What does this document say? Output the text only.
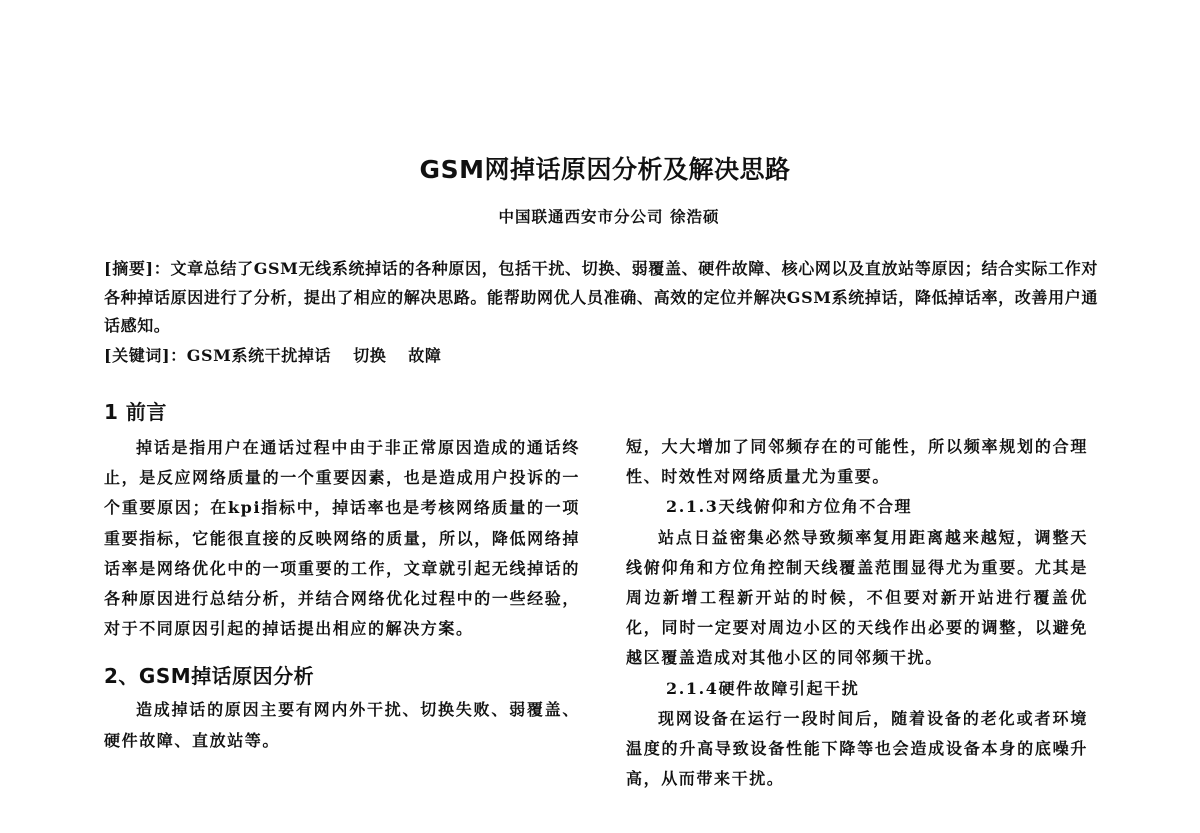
GSM网掉话原因分析及解决思路
中国联通西安市分公司 徐浩硕
[摘要]：文章总结了GSM无线系统掉话的各种原因，包括干扰、切换、弱覆盖、硬件故障、核心网以及直放站等原因；结合实际工作对各种掉话原因进行了分析，提出了相应的解决思路。能帮助网优人员准确、高效的定位并解决GSM系统掉话，降低掉话率，改善用户通话感知。
[关键词]：GSM系统干扰掉话 切换 故障
1 前言

掉话是指用户在通话过程中由于非正常原因造成的通话终止，是反应网络质量的一个重要因素，也是造成用户投诉的一个重要原因；在kpi指标中，掉话率也是考核网络质量的一项重要指标，它能很直接的反映网络的质量，所以，降低网络掉话率是网络优化中的一项重要的工作，文章就引起无线掉话的各种原因进行总结分析，并结合网络优化过程中的一些经验，对于不同原因引起的掉话提出相应的解决方案。

2、GSM掉话原因分析

造成掉话的原因主要有网内外干扰、切换失败、弱覆盖、硬件故障、直放站等。

短，大大增加了同邻频存在的可能性，所以频率规划的合理性、时效性对网络质量尤为重要。

2.1.3天线俯仰和方位角不合理

站点日益密集必然导致频率复用距离越来越短，调整天线俯仰角和方位角控制天线覆盖范围显得尤为重要。尤其是周边新增工程新开站的时候，不但要对新开站进行覆盖优化，同时一定要对周边小区的天线作出必要的调整，以避免越区覆盖造成对其他小区的同邻频干扰。

2.1.4硬件故障引起干扰

现网设备在运行一段时间后，随着设备的老化或者环境温度的升高导致设备性能下降等也会造成设备本身的底噪升高，从而带来干扰。
